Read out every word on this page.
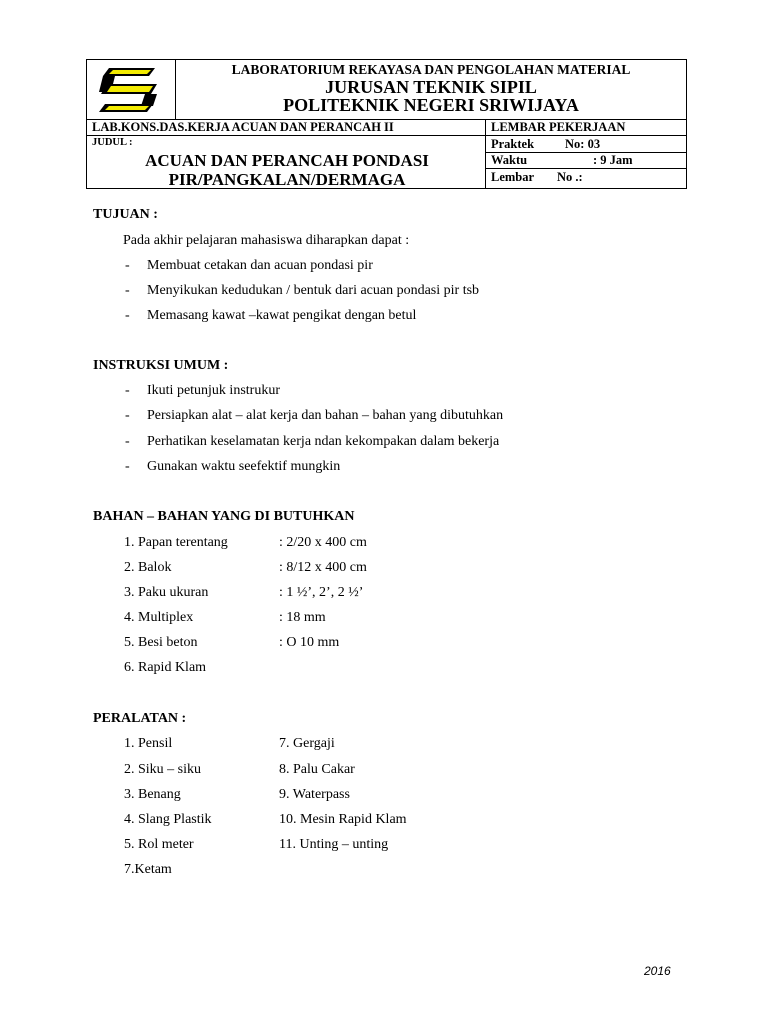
LABORATORIUM REKAYASA DAN PENGOLAHAN MATERIAL
JURUSAN TEKNIK SIPIL
POLITEKNIK NEGERI SRIWIJAYA
LAB.KONS.DAS.KERJA ACUAN DAN PERANCAH II	LEMBAR PEKERJAAN
JUDUL :
ACUAN DAN PERANCAH PONDASI
PIR/PANGKALAN/DERMAGA
Praktek No: 03
Waktu	: 9 Jam
Lembar No .:
TUJUAN :
Pada akhir pelajaran mahasiswa diharapkan dapat :
- Membuat cetakan dan acuan pondasi pir
- Menyikukan kedudukan / bentuk dari acuan pondasi pir tsb
- Memasang kawat –kawat pengikat dengan betul
INSTRUKSI UMUM :
- Ikuti petunjuk instrukur
- Persiapkan alat – alat kerja dan bahan – bahan yang dibutuhkan
- Perhatikan keselamatan kerja ndan kekompakan dalam bekerja
- Gunakan waktu seefektif mungkin
BAHAN – BAHAN YANG DI BUTUHKAN
1. Papan terentang	: 2/20 x 400 cm
2. Balok	: 8/12 x 400 cm
3. Paku ukuran	: 1 ½’, 2’, 2 ½’
4. Multiplex	: 18 mm
5. Besi beton	: O 10 mm
6. Rapid Klam
PERALATAN :
1. Pensil	7. Gergaji
2. Siku – siku	8. Palu Cakar
3. Benang	9. Waterpass
4. Slang Plastik	10. Mesin Rapid Klam
5. Rol meter	11. Unting – unting
7.Ketam
2016
